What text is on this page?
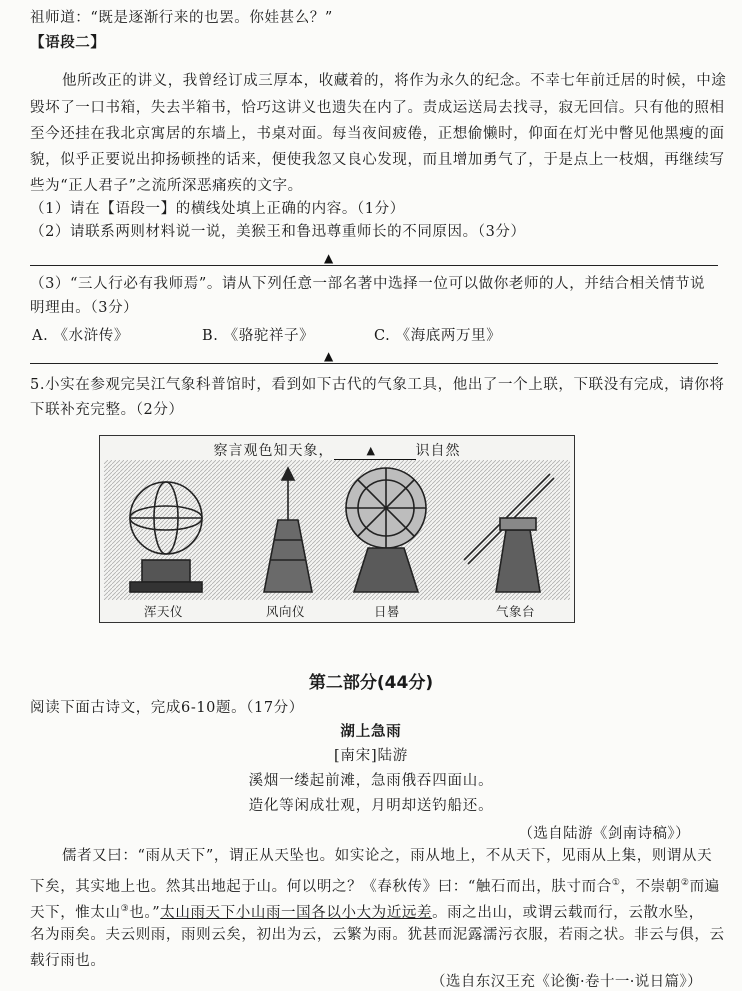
祖师道：“既是逐渐行来的也罢。你娃甚么？”
【语段二】
他所改正的讲义，我曾经订成三厚本，收藏着的，将作为永久的纪念。不幸七年前迁居的时候，中途
毁坏了一口书箱，失去半箱书，恰巧这讲义也遗失在内了。责成运送局去找寻，寂无回信。只有他的照相
至今还挂在我北京寓居的东墙上，书桌对面。每当夜间疲倦，正想偷懒时，仰面在灯光中瞥见他黑瘦的面
貌，似乎正要说出抑扬顿挫的话来，便使我忽又良心发现，而且增加勇气了，于是点上一枝烟，再继续写
些为“正人君子”之流所深恶痛疾的文字。
（1）请在【语段一】的横线处填上正确的内容。（1分）
（2）请联系两则材料说一说，美猴王和鲁迅尊重师长的不同原因。（3分）
▲
（3）“三人行必有我师焉”。请从下列任意一部名著中选择一位可以做你老师的人，并结合相关情节说
明理由。（3分）
A. 《水浒传》	B. 《骆驼祥子》	C. 《海底两万里》
▲
5.小实在参观完吴江气象科普馆时，看到如下古代的气象工具，他出了一个上联，下联没有完成，请你将
下联补充完整。（2分）
察言观色知天象，	▲	识自然
浑天仪	风向仪	日晷	气象台
第二部分(44分)
阅读下面古诗文，完成6-10题。（17分）
湖上急雨
[南宋]陆游
溪烟一缕起前滩，急雨俄吞四面山。
造化等闲成壮观，月明却送钓船还。
（选自陆游《剑南诗稿》）
儒者又曰：“雨从天下”，谓正从天坠也。如实论之，雨从地上，不从天下，见雨从上集，则谓从天
下矣，其实地上也。然其出地起于山。何以明之？《春秋传》曰：“触石而出，肤寸而合①，不崇朝②而遍
天下，惟太山③也。”太山雨天下小山雨一国各以小大为近远差。雨之出山，或谓云载而行，云散水坠，
名为雨矣。夫云则雨，雨则云矣，初出为云，云繁为雨。犹甚而泥露濡污衣服，若雨之状。非云与俱，云
载行雨也。
（选自东汉王充《论衡·卷十一·说日篇》）
